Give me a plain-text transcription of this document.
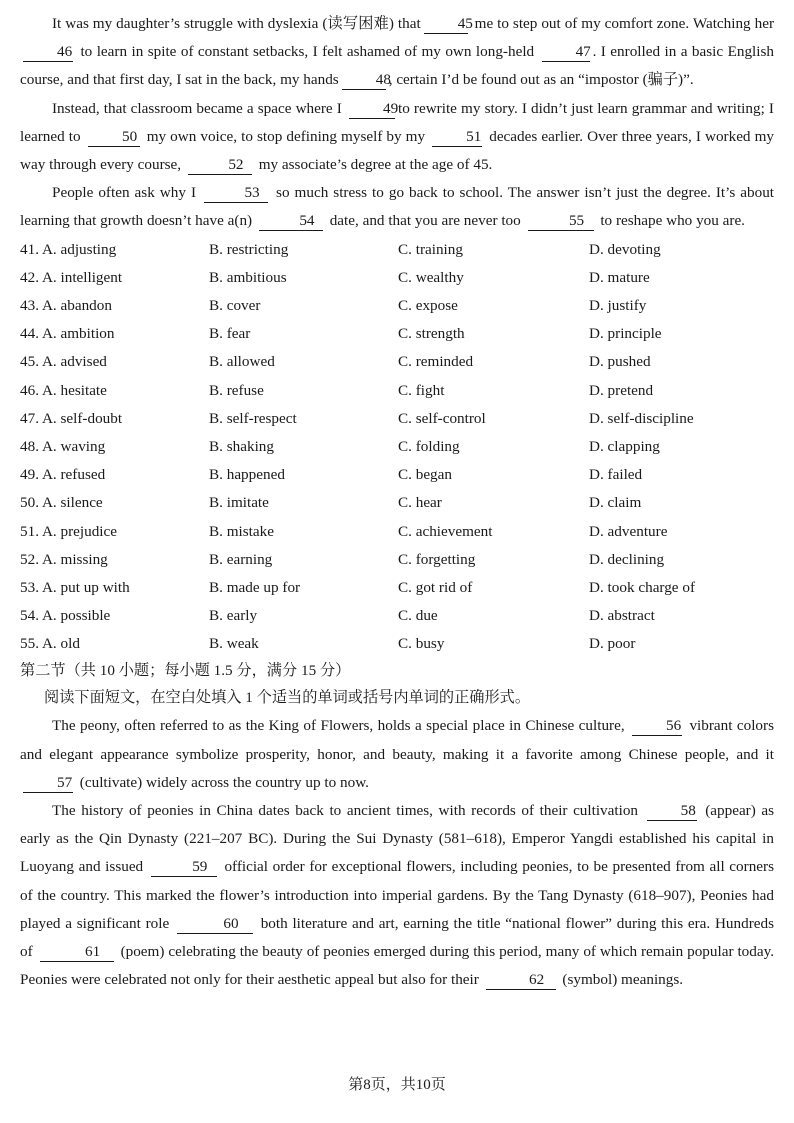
It was my daughter’s struggle with dyslexia (读写困难) that 45 me to step out of my comfort zone. Watching her46 to learn in spite of constant setbacks, I felt ashamed of my own long-held	47 . I enrolled in a basic English course, and that first day, I sat in the back, my hands 48, certain I’d be found out as an “impostor (骗子)”.

Instead, that classroom became a space where I	49to rewrite my story. I didn’t just learn grammar and writing; I learned to	50 my own voice, to stop defining myself by my	51 decades earlier. Over three years, I worked my way through every course,	52 my associate’s degree at the age of 45.

People often ask why I	53 so much stress to go back to school. The answer isn’t just the degree. It’s about learning that growth doesn’t have a(n)	54 date, and that you are never too	55 to reshape who you are.

41. A. adjusting	B. restricting	C. training	D. devoting
42. A. intelligent	B. ambitious	C. wealthy	D. mature
43. A. abandon	B. cover	C. expose	D. justify
44. A. ambition	B. fear	C. strength	D. principle
45. A. advised	B. allowed	C. reminded	D. pushed
46. A. hesitate	B. refuse	C. fight	D. pretend
47. A. self-doubt	B. self-respect	C. self-control	D. self-discipline
48. A. waving	B. shaking	C. folding	D. clapping
49. A. refused	B. happened	C. began	D. failed
50. A. silence	B. imitate	C. hear	D. claim
51. A. prejudice	B. mistake	C. achievement	D. adventure
52. A. missing	B. earning	C. forgetting	D. declining
53. A. put up with	B. made up for	C. got rid of	D. took charge of
54. A. possible	B. early	C. due	D. abstract
55. A. old	B. weak	C. busy	D. poor

第二节（共 10 小题；每小题 1.5 分，满分 15 分）

阅读下面短文，在空白处填入 1 个适当的单词或括号内单词的正确形式。

The peony, often referred to as the King of Flowers, holds a special place in Chinese culture,	56 vibrant colors and elegant appearance symbolize prosperity, honor, and beauty, making it a favorite among Chinese people, and it 57 (cultivate) widely across the country up to now.

The history of peonies in China dates back to ancient times, with records of their cultivation	58 (appear) as early as the Qin Dynasty (221–207 BC). During the Sui Dynasty (581–618), Emperor Yangdi established his capital in Luoyang and issued	59 official order for exceptional flowers, including peonies, to be presented from all corners of the country. This marked the flower’s introduction into imperial gardens. By the Tang Dynasty (618–907), Peonies had played a significant role	60 both literature and art, earning the title “national flower” during this era. Hundreds of	61 (poem) celebrating the beauty of peonies emerged during this period, many of which remain popular today. Peonies were celebrated not only for their aesthetic appeal but also for their	62 (symbol) meanings.

第8页，共10页
